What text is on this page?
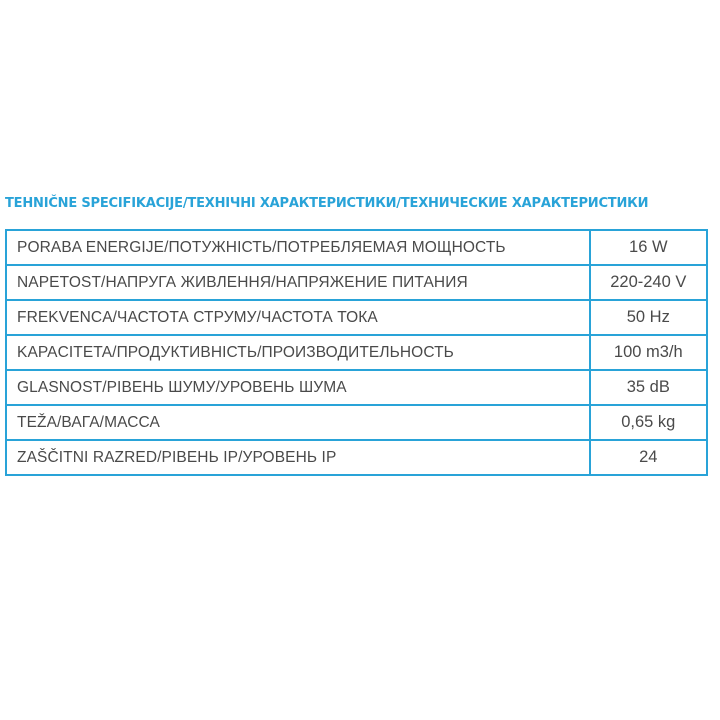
TEHNIČNE SPECIFIKACIJE/ТЕХНІЧНІ ХАРАКТЕРИСТИКИ/ТЕХНИЧЕСКИЕ ХАРАКТЕРИСТИКИ
PORABA ENERGIJE/ПОТУЖНІСТЬ/ПОТРЕБЛЯЕМАЯ МОЩНОСТЬ	16 W
NAPETOST/НАПРУГА ЖИВЛЕННЯ/НАПРЯЖЕНИЕ ПИТАНИЯ	220-240 V
FREKVENCA/ЧАСТОТА СТРУМУ/ЧАСТОТА ТОКА	50 Hz
KAPACITETA/ПРОДУКТИВНІСТЬ/ПРОИЗВОДИТЕЛЬНОСТЬ	100 m3/h
GLASNOST/РІВЕНЬ ШУМУ/УРОВЕНЬ ШУМА	35 dB
TEŽA/ВАГА/МАССА	0,65 kg
ZAŠČITNI RAZRED/РІВЕНЬ IP/УРОВЕНЬ IP	24
